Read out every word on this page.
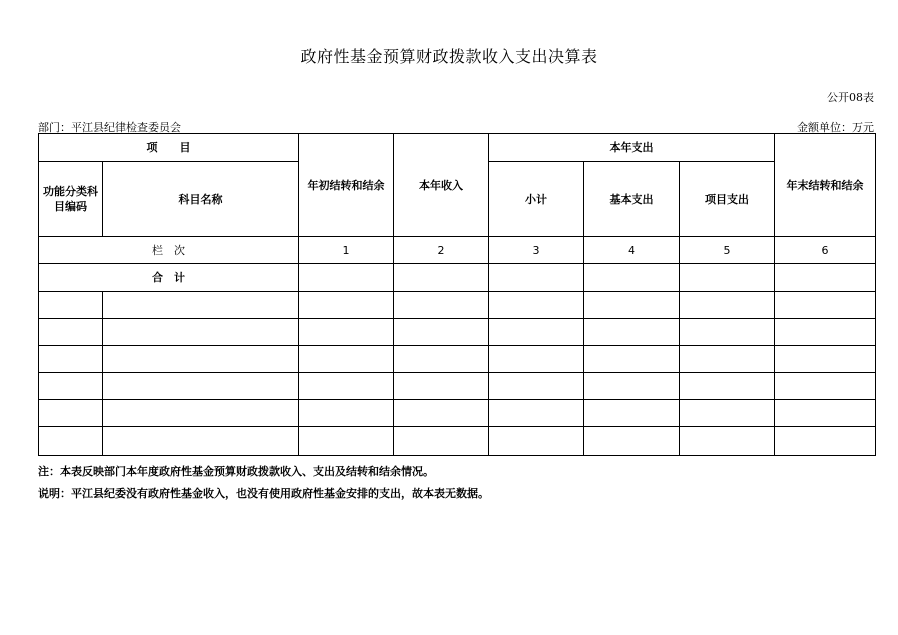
政府性基金预算财政拨款收入支出决算表
公开08表
部门：平江县纪律检查委员会	金额单位：万元
项　　目		年初结转和结余	本年收入	本年支出			年末结转和结余
功能分类科目编码	科目名称			小计	基本支出	项目支出	

栏　次		1	2	3	4	5	6
合　计							

注：本表反映部门本年度政府性基金预算财政拨款收入、支出及结转和结余情况。
说明：平江县纪委没有政府性基金收入，也没有使用政府性基金安排的支出，故本表无数据。
